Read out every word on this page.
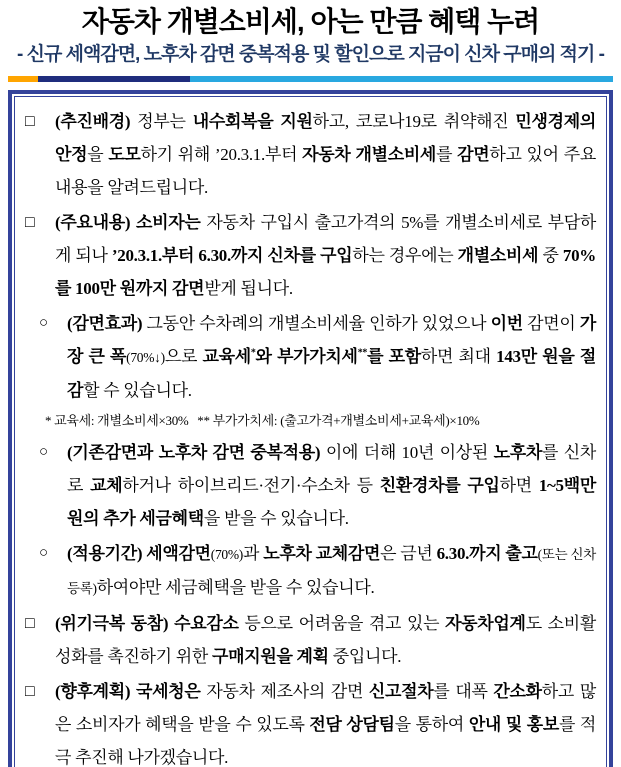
자동차 개별소비세, 아는 만큼 혜택 누려
- 신규 세액감면, 노후차 감면 중복적용 및 할인으로 지금이 신차 구매의 적기 -
□	(추진배경) 정부는 내수회복을 지원하고, 코로나19로 취약해진 민생경제의 안정을 도모하기 위해 ’20.3.1.부터 자동차 개별소비세를 감면하고 있어 주요내용을 알려드립니다.
□	(주요내용) 소비자는 자동차 구입시 출고가격의 5%를 개별소비세로 부담하게 되나 ’20.3.1.부터 6.30.까지 신차를 구입하는 경우에는 개별소비세 중 70%를 100만 원까지 감면받게 됩니다.
○	(감면효과) 그동안 수차례의 개별소비세율 인하가 있었으나 이번 감면이 가장 큰 폭(70%↓)으로 교육세*와 부가가치세**를 포함하면 최대 143만 원을 절감할 수 있습니다.
* 교육세: 개별소비세×30%   ** 부가가치세: (출고가격+개별소비세+교육세)×10%
○	(기존감면과 노후차 감면 중복적용) 이에 더해 10년 이상된 노후차를 신차로 교체하거나 하이브리드·전기·수소차 등 친환경차를 구입하면 1~5백만 원의 추가 세금혜택을 받을 수 있습니다.
○	(적용기간) 세액감면(70%)과 노후차 교체감면은 금년 6.30.까지 출고(또는 신차등록)하여야만 세금혜택을 받을 수 있습니다.
□	(위기극복 동참) 수요감소 등으로 어려움을 겪고 있는 자동차업계도 소비활성화를 촉진하기 위한 구매지원을 계획 중입니다.
□	(향후계획) 국세청은 자동차 제조사의 감면 신고절차를 대폭 간소화하고 많은 소비자가 혜택을 받을 수 있도록 전담 상담팀을 통하여 안내 및 홍보를 적극 추진해 나가겠습니다.
